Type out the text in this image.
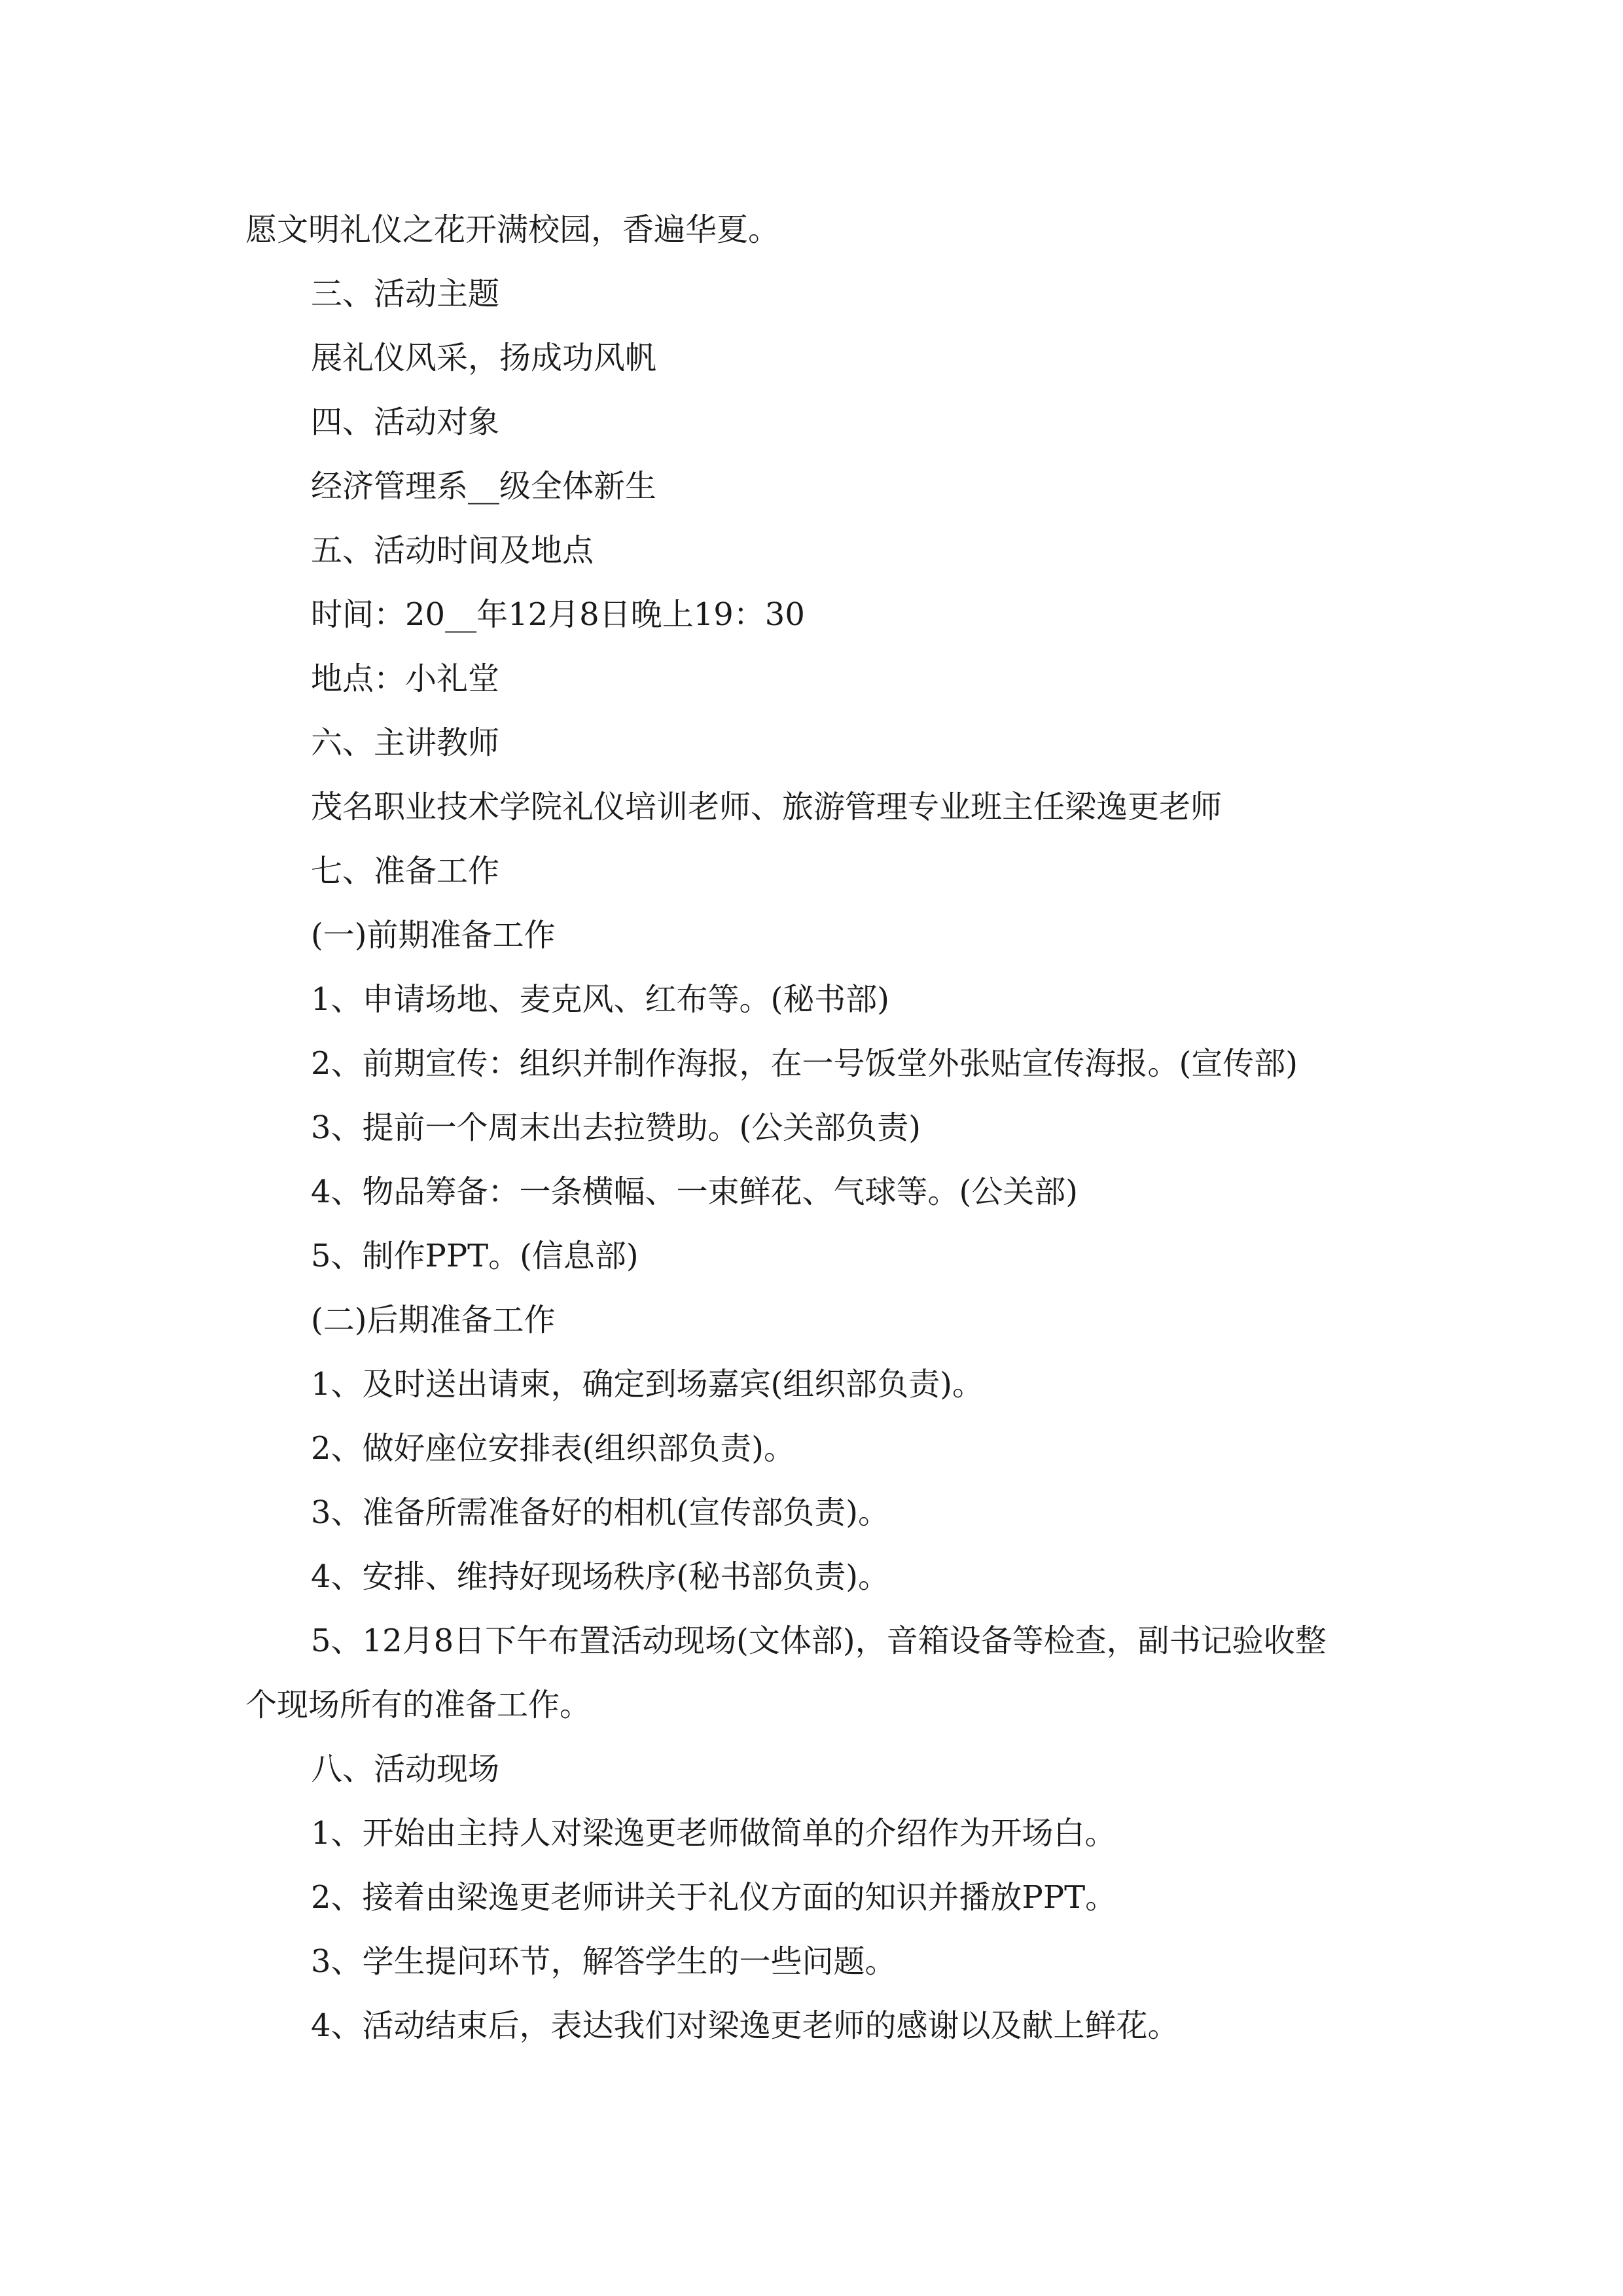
愿文明礼仪之花开满校园，香遍华夏。
三、活动主题
展礼仪风采，扬成功风帆
四、活动对象
经济管理系__级全体新生
五、活动时间及地点
时间：20__年12月8日晚上19：30
地点：小礼堂
六、主讲教师
茂名职业技术学院礼仪培训老师、旅游管理专业班主任梁逸更老师
七、准备工作
(一)前期准备工作
1、申请场地、麦克风、红布等。(秘书部)
2、前期宣传：组织并制作海报，在一号饭堂外张贴宣传海报。(宣传部)
3、提前一个周末出去拉赞助。(公关部负责)
4、物品筹备：一条横幅、一束鲜花、气球等。(公关部)
5、制作PPT。(信息部)
(二)后期准备工作
1、及时送出请柬，确定到场嘉宾(组织部负责)。
2、做好座位安排表(组织部负责)。
3、准备所需准备好的相机(宣传部负责)。
4、安排、维持好现场秩序(秘书部负责)。
5、12月8日下午布置活动现场(文体部)，音箱设备等检查，副书记验收整
个现场所有的准备工作。
八、活动现场
1、开始由主持人对梁逸更老师做简单的介绍作为开场白。
2、接着由梁逸更老师讲关于礼仪方面的知识并播放PPT。
3、学生提问环节，解答学生的一些问题。
4、活动结束后，表达我们对梁逸更老师的感谢以及献上鲜花。
